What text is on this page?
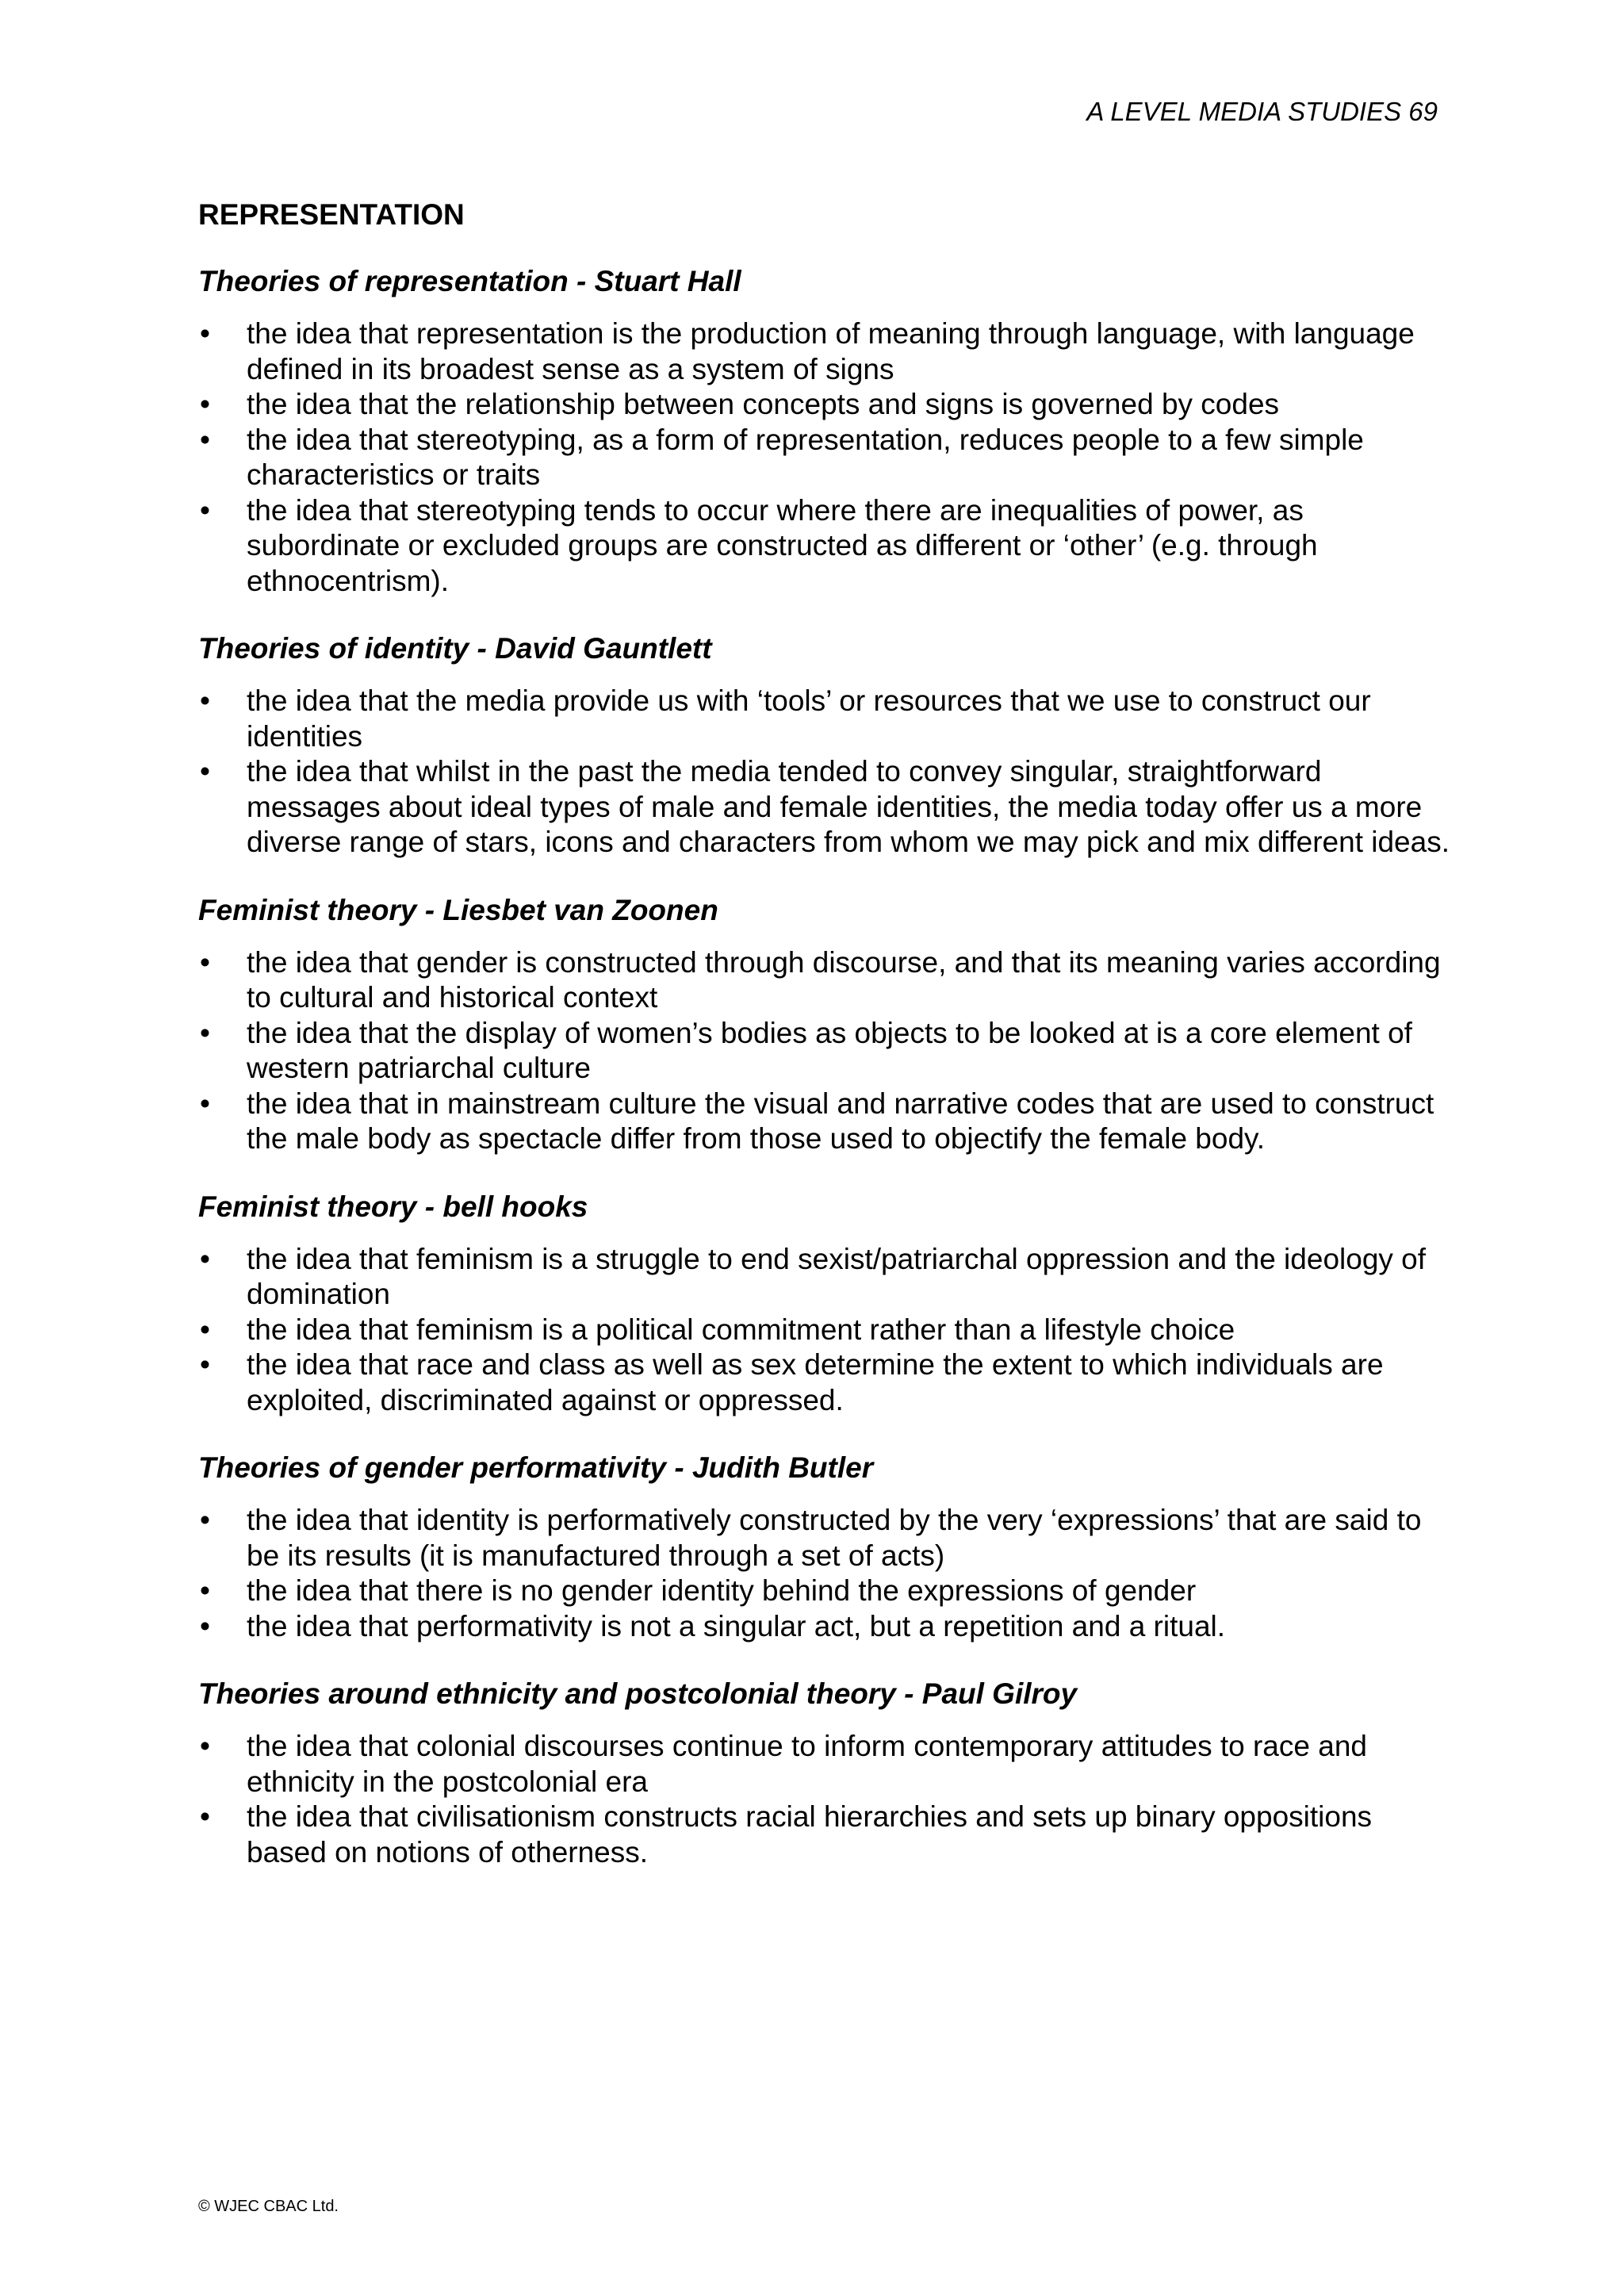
A LEVEL MEDIA STUDIES 69
REPRESENTATION
Theories of representation - Stuart Hall
• the idea that representation is the production of meaning through language, with language defined in its broadest sense as a system of signs
• the idea that the relationship between concepts and signs is governed by codes
• the idea that stereotyping, as a form of representation, reduces people to a few simple characteristics or traits
• the idea that stereotyping tends to occur where there are inequalities of power, as subordinate or excluded groups are constructed as different or ‘other’ (e.g. through ethnocentrism).
Theories of identity - David Gauntlett
• the idea that the media provide us with ‘tools’ or resources that we use to construct our identities
• the idea that whilst in the past the media tended to convey singular, straightforward messages about ideal types of male and female identities, the media today offer us a more diverse range of stars, icons and characters from whom we may pick and mix different ideas.
Feminist theory - Liesbet van Zoonen
• the idea that gender is constructed through discourse, and that its meaning varies according to cultural and historical context
• the idea that the display of women’s bodies as objects to be looked at is a core element of western patriarchal culture
• the idea that in mainstream culture the visual and narrative codes that are used to construct the male body as spectacle differ from those used to objectify the female body.
Feminist theory - bell hooks
• the idea that feminism is a struggle to end sexist/patriarchal oppression and the ideology of domination
• the idea that feminism is a political commitment rather than a lifestyle choice
• the idea that race and class as well as sex determine the extent to which individuals are exploited, discriminated against or oppressed.
Theories of gender performativity - Judith Butler
• the idea that identity is performatively constructed by the very ‘expressions’ that are said to be its results (it is manufactured through a set of acts)
• the idea that there is no gender identity behind the expressions of gender
• the idea that performativity is not a singular act, but a repetition and a ritual.
Theories around ethnicity and postcolonial theory - Paul Gilroy
• the idea that colonial discourses continue to inform contemporary attitudes to race and ethnicity in the postcolonial era
• the idea that civilisationism constructs racial hierarchies and sets up binary oppositions based on notions of otherness.
© WJEC CBAC Ltd.
